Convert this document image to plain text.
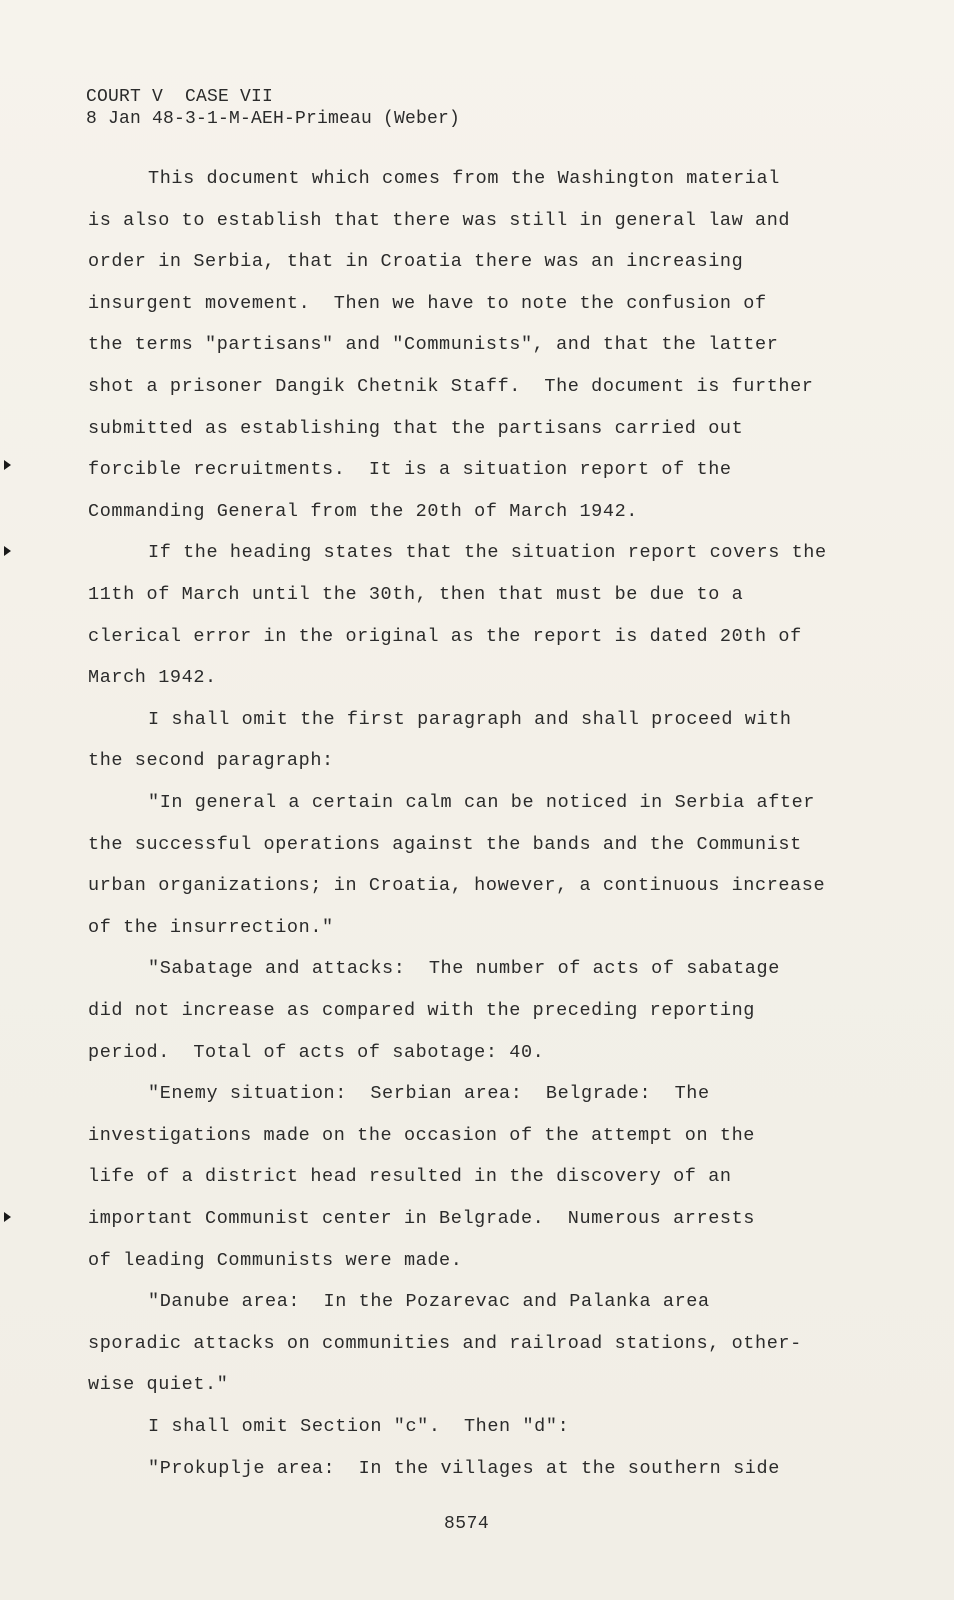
COURT V  CASE VII
8 Jan 48-3-1-M-AEH-Primeau (Weber)
This document which comes from the Washington material
is also to establish that there was still in general law and
order in Serbia, that in Croatia there was an increasing
insurgent movement.  Then we have to note the confusion of
the terms "partisans" and "Communists", and that the latter
shot a prisoner Dangik Chetnik Staff.  The document is further
submitted as establishing that the partisans carried out
forcible recruitments.  It is a situation report of the
Commanding General from the 20th of March 1942.
If the heading states that the situation report covers the
11th of March until the 30th, then that must be due to a
clerical error in the original as the report is dated 20th of
March 1942.
I shall omit the first paragraph and shall proceed with
the second paragraph:
"In general a certain calm can be noticed in Serbia after
the successful operations against the bands and the Communist
urban organizations; in Croatia, however, a continuous increase
of the insurrection."
"Sabatage and attacks:  The number of acts of sabatage
did not increase as compared with the preceding reporting
period.  Total of acts of sabotage: 40.
"Enemy situation:  Serbian area:  Belgrade:  The
investigations made on the occasion of the attempt on the
life of a district head resulted in the discovery of an
important Communist center in Belgrade.  Numerous arrests
of leading Communists were made.
"Danube area:  In the Pozarevac and Palanka area
sporadic attacks on communities and railroad stations, other-
wise quiet."
I shall omit Section "c".  Then "d":
"Prokuplje area:  In the villages at the southern side
8574
